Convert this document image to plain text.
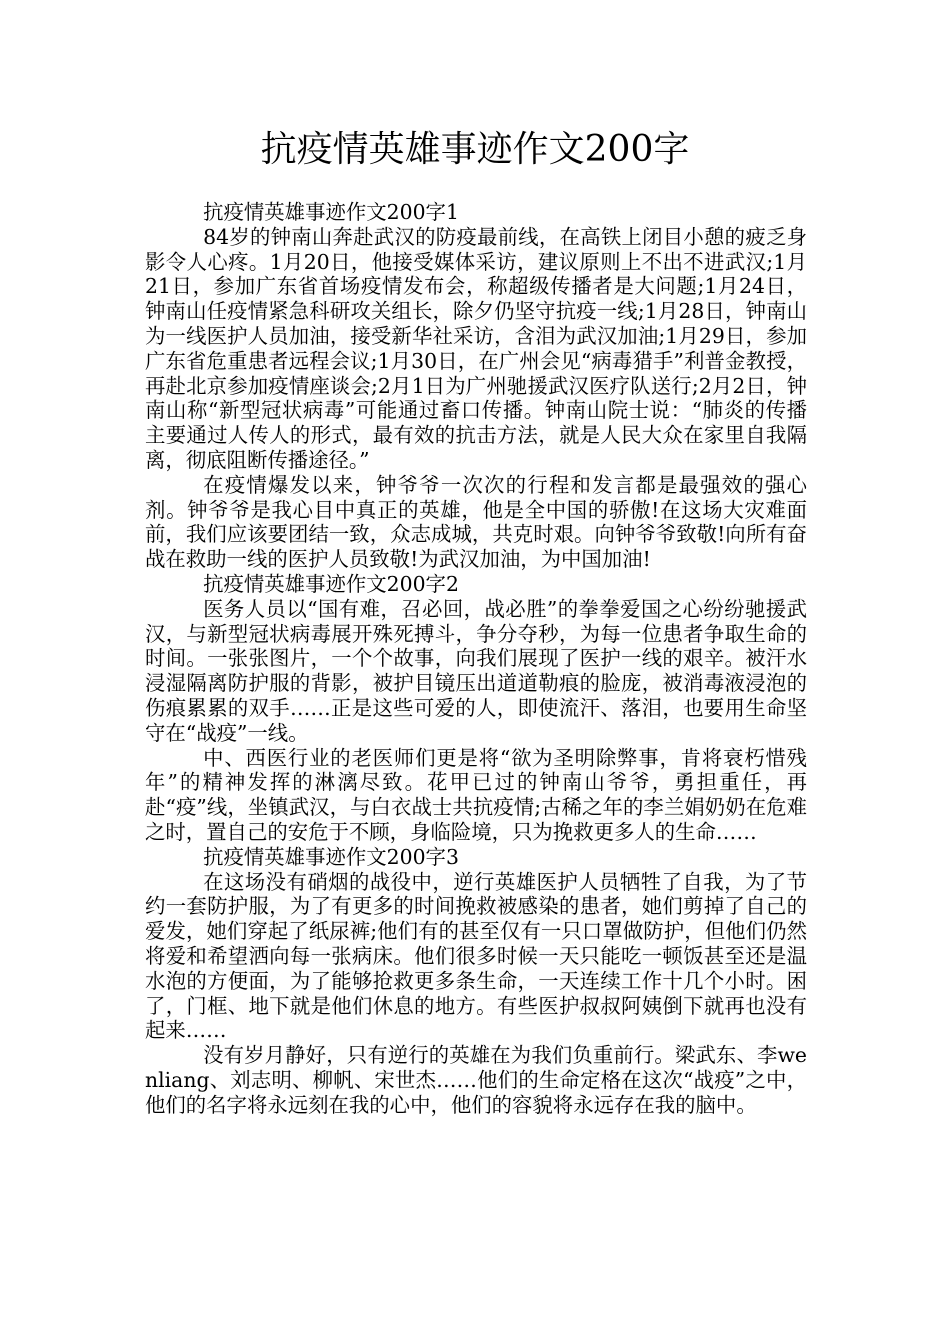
抗疫情英雄事迹作文200字

抗疫情英雄事迹作文200字1

84岁的钟南山奔赴武汉的防疫最前线，在高铁上闭目小憩的疲乏身影令人心疼。1月20日，他接受媒体采访，建议原则上不出不进武汉;1月21日，参加广东省首场疫情发布会，称超级传播者是大问题;1月24日，钟南山任疫情紧急科研攻关组长，除夕仍坚守抗疫一线;1月28日，钟南山为一线医护人员加油，接受新华社采访，含泪为武汉加油;1月29日，参加广东省危重患者远程会议;1月30日，在广州会见“病毒猎手”利普金教授，再赴北京参加疫情座谈会;2月1日为广州驰援武汉医疗队送行;2月2日，钟南山称“新型冠状病毒”可能通过畜口传播。钟南山院士说：“肺炎的传播主要通过人传人的形式，最有效的抗击方法，就是人民大众在家里自我隔离，彻底阻断传播途径。”

在疫情爆发以来，钟爷爷一次次的行程和发言都是最强效的强心剂。钟爷爷是我心目中真正的英雄，他是全中国的骄傲!在这场大灾难面前，我们应该要团结一致，众志成城，共克时艰。向钟爷爷致敬!向所有奋战在救助一线的医护人员致敬!为武汉加油，为中国加油!

抗疫情英雄事迹作文200字2

医务人员以“国有难，召必回，战必胜”的拳拳爱国之心纷纷驰援武汉，与新型冠状病毒展开殊死搏斗，争分夺秒，为每一位患者争取生命的时间。一张张图片，一个个故事，向我们展现了医护一线的艰辛。被汗水浸湿隔离防护服的背影，被护目镜压出道道勒痕的脸庞，被消毒液浸泡的伤痕累累的双手……正是这些可爱的人，即使流汗、落泪，也要用生命坚守在“战疫”一线。

中、西医行业的老医师们更是将“欲为圣明除弊事，肯将衰朽惜残年”的精神发挥的淋漓尽致。花甲已过的钟南山爷爷，勇担重任，再赴“疫”线，坐镇武汉，与白衣战士共抗疫情;古稀之年的李兰娟奶奶在危难之时，置自己的安危于不顾，身临险境，只为挽救更多人的生命……

抗疫情英雄事迹作文200字3

在这场没有硝烟的战役中，逆行英雄医护人员牺牲了自我，为了节约一套防护服，为了有更多的时间挽救被感染的患者，她们剪掉了自己的爱发，她们穿起了纸尿裤;他们有的甚至仅有一只口罩做防护，但他们仍然将爱和希望洒向每一张病床。他们很多时候一天只能吃一顿饭甚至还是温水泡的方便面，为了能够抢救更多条生命，一天连续工作十几个小时。困了，门框、地下就是他们休息的地方。有些医护叔叔阿姨倒下就再也没有起来……

没有岁月静好，只有逆行的英雄在为我们负重前行。梁武东、李wenliang、刘志明、柳帆、宋世杰……他们的生命定格在这次“战疫”之中，他们的名字将永远刻在我的心中，他们的容貌将永远存在我的脑中。
